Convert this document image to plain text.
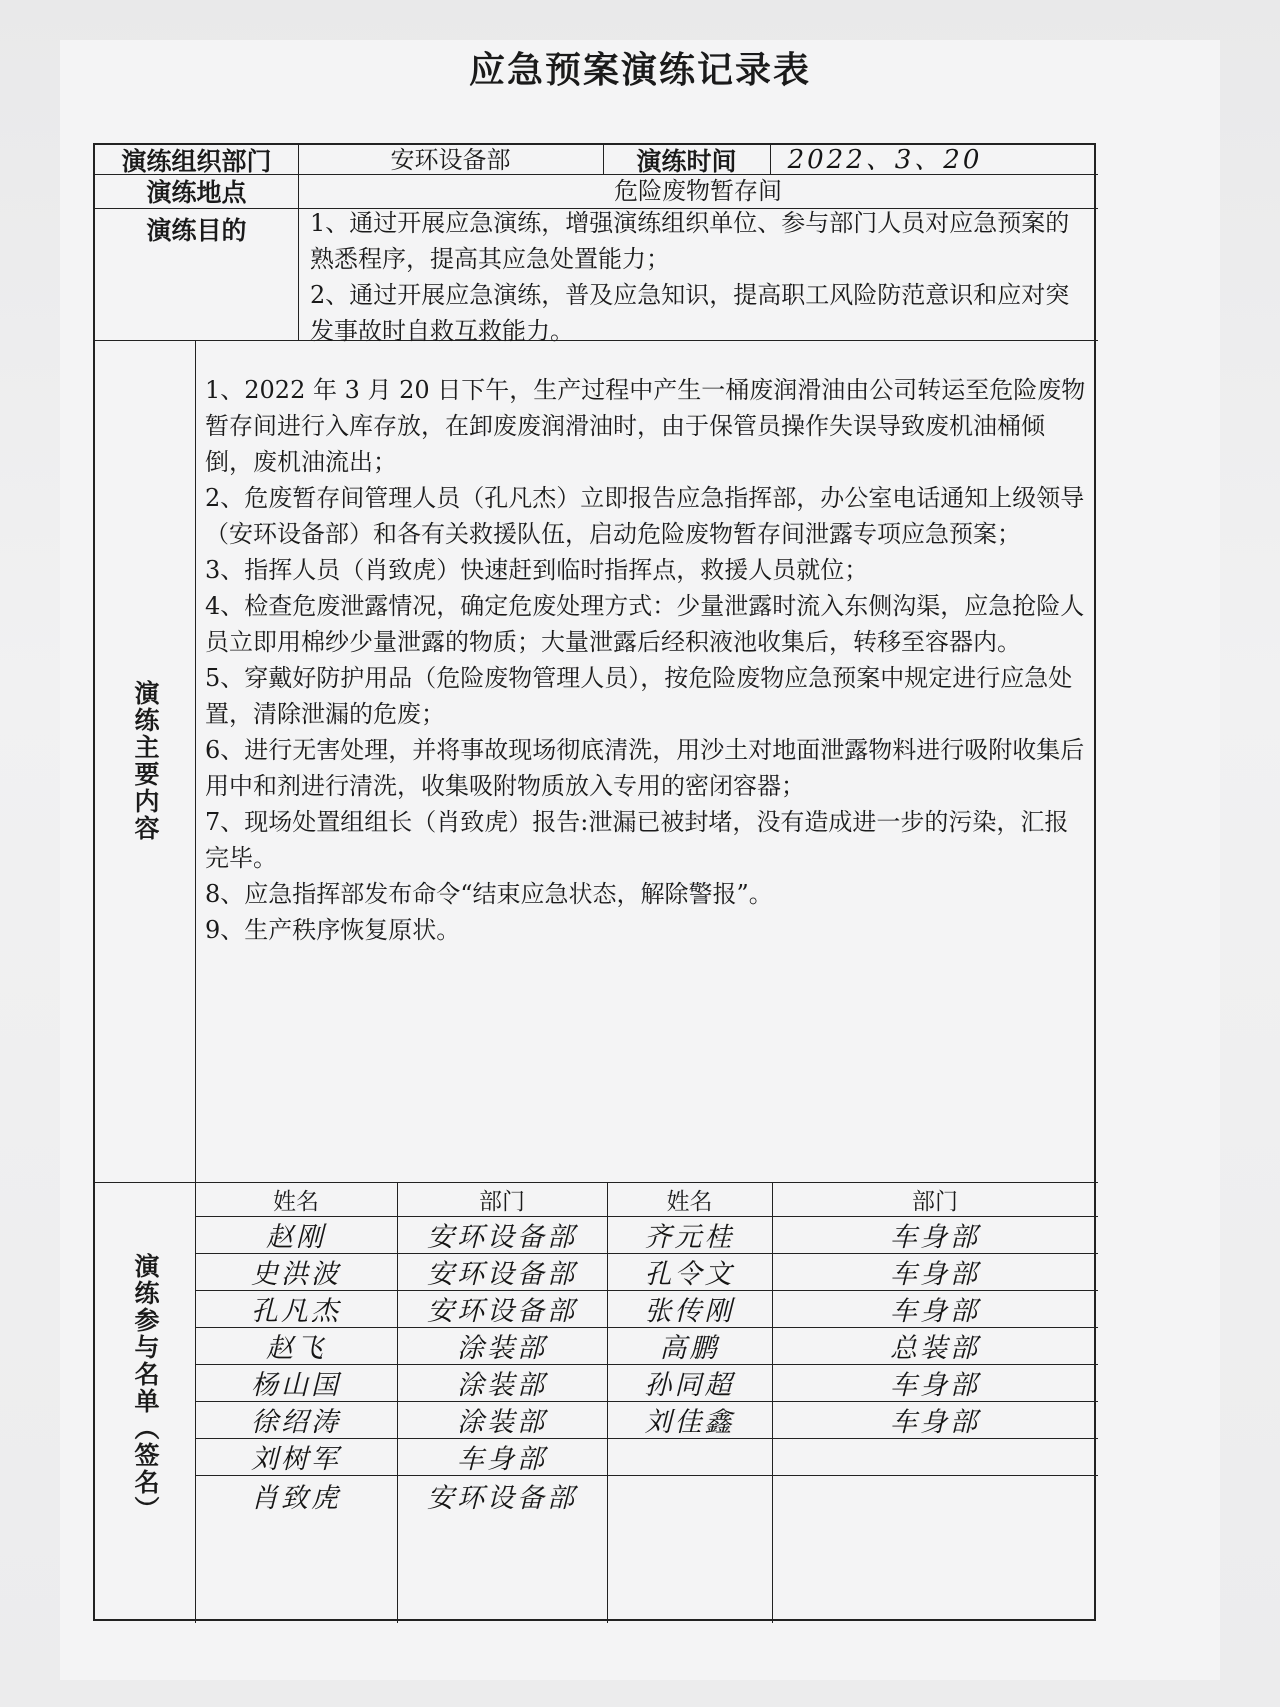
应急预案演练记录表
演练组织部门	安环设备部	演练时间	2022、3、20
演练地点	危险废物暂存间
演练目的	1、通过开展应急演练，增强演练组织单位、参与部门人员对应急预案的熟悉程序，提高其应急处置能力；
2、通过开展应急演练，普及应急知识，提高职工风险防范意识和应对突发事故时自救互救能力。
演练主要内容
1、2022 年 3 月 20 日下午，生产过程中产生一桶废润滑油由公司转运至危险废物暂存间进行入库存放，在卸废废润滑油时，由于保管员操作失误导致废机油桶倾倒，废机油流出；
2、危废暂存间管理人员（孔凡杰）立即报告应急指挥部，办公室电话通知上级领导（安环设备部）和各有关救援队伍，启动危险废物暂存间泄露专项应急预案；
3、指挥人员（肖致虎）快速赶到临时指挥点，救援人员就位；
4、检查危废泄露情况，确定危废处理方式：少量泄露时流入东侧沟渠，应急抢险人员立即用棉纱少量泄露的物质；大量泄露后经积液池收集后，转移至容器内。
5、穿戴好防护用品（危险废物管理人员），按危险废物应急预案中规定进行应急处置，清除泄漏的危废；
6、进行无害处理，并将事故现场彻底清洗，用沙土对地面泄露物料进行吸附收集后用中和剂进行清洗，收集吸附物质放入专用的密闭容器；
7、现场处置组组长（肖致虎）报告:泄漏已被封堵，没有造成进一步的污染，汇报完毕。
8、应急指挥部发布命令“结束应急状态，解除警报”。
9、生产秩序恢复原状。
演练参与名单（签名）
姓名	部门	姓名	部门
赵刚	安环设备部	齐元桂	车身部
史洪波	安环设备部	孔令文	车身部
孔凡杰	安环设备部	张传刚	车身部
赵飞	涂装部	高鹏	总装部
杨山国	涂装部	孙同超	车身部
徐绍涛	涂装部	刘佳鑫	车身部
刘树军	车身部
肖致虎	安环设备部
